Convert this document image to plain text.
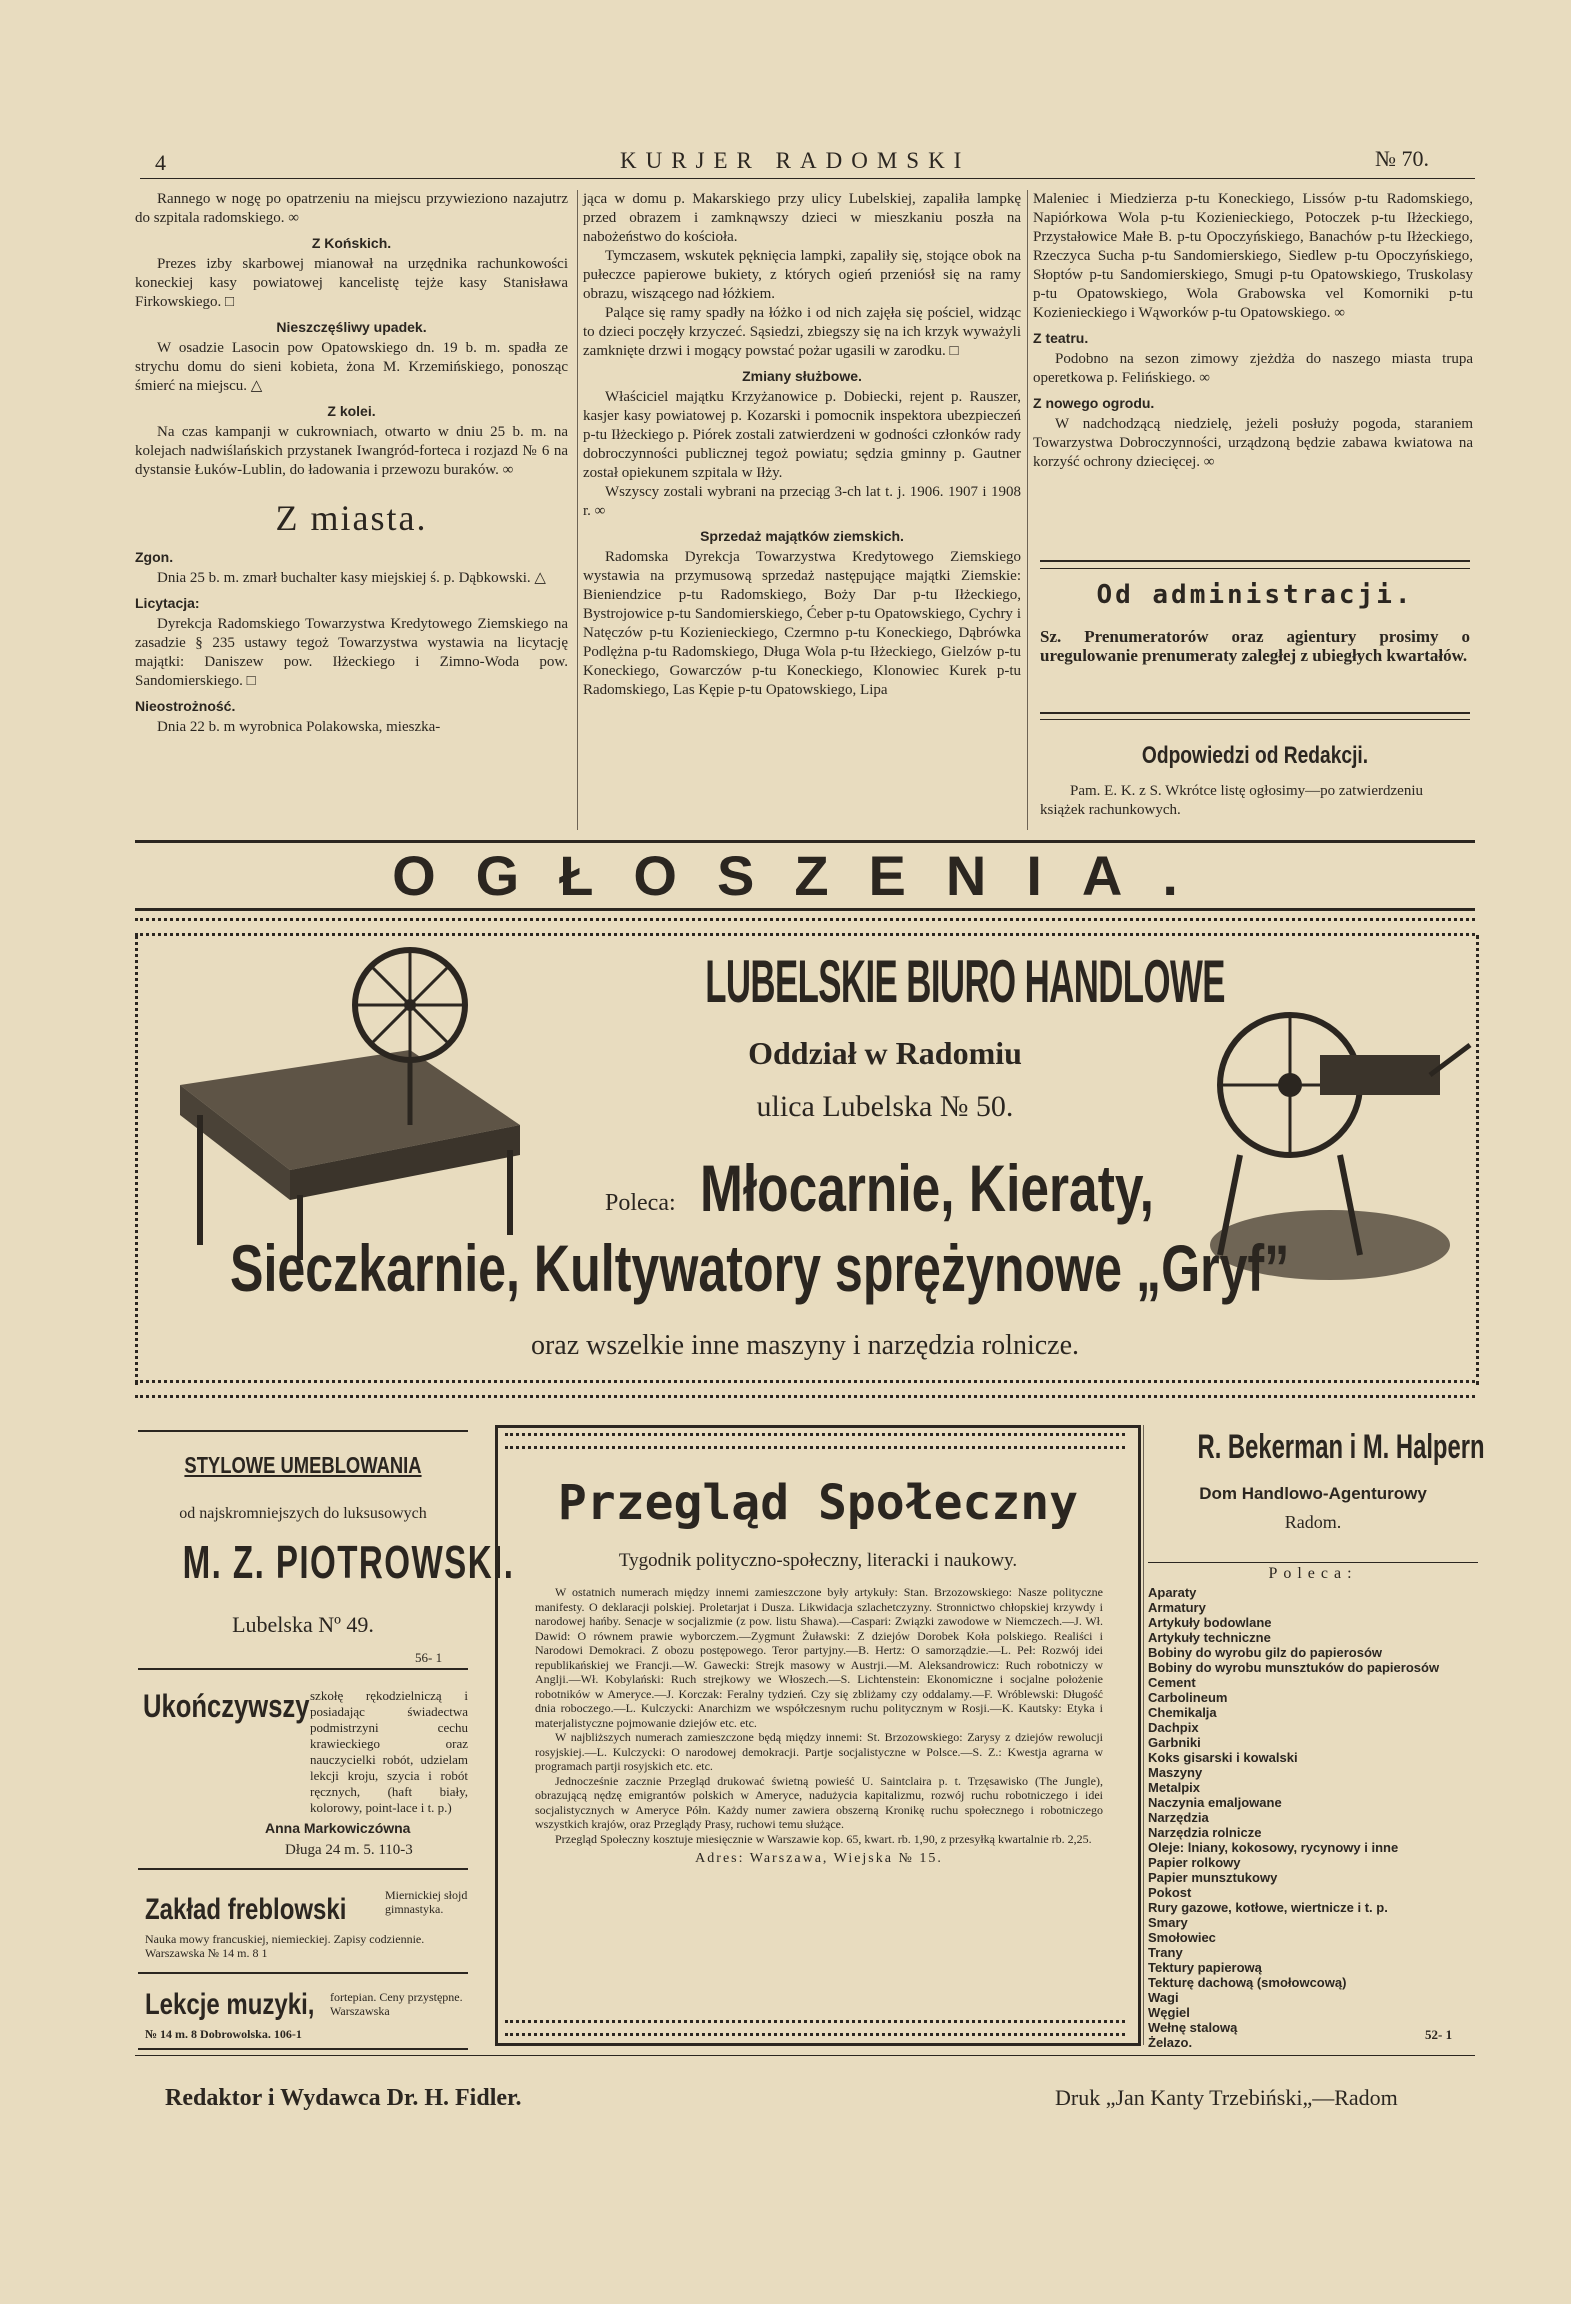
4	KURJER RADOMSKI	№ 70.

Rannego w nogę po opatrzeniu na miejscu przywieziono nazajutrz do szpitala radomskiego. ∞

Z Końskich.

Prezes izby skarbowej mianował na urzędnika rachunkowości koneckiej kasy powiatowej kancelistę tejże kasy Stanisława Firkowskiego. □

Nieszczęśliwy upadek.

W osadzie Lasocin pow Opatowskiego dn. 19 b. m. spadła ze strychu domu do sieni kobieta, żona M. Krzemińskiego, ponosząc śmierć na miejscu. △

Z kolei.

Na czas kampanji w cukrowniach, otwarto w dniu 25 b. m. na kolejach nadwiślańskich przystanek Iwangród-forteca i rozjazd № 6 na dystansie Łuków-Lublin, do ładowania i przewozu buraków. ∞

Z miasta.
Zgon.

Dnia 25 b. m. zmarł buchalter kasy miejskiej ś. p. Dąbkowski. △

Licytacja:

Dyrekcja Radomskiego Towarzystwa Kredytowego Ziemskiego na zasadzie § 235 ustawy tegoż Towarzystwa wystawia na licytację majątki: Daniszew pow. Iłżeckiego i Zimno-Woda pow. Sandomierskiego. □

Nieostrożność.

Dnia 22 b. m wyrobnica Polakowska, mieszka-

jąca w domu p. Makarskiego przy ulicy Lubelskiej, zapaliła lampkę przed obrazem i zamknąwszy dzieci w mieszkaniu poszła na nabożeństwo do kościoła.

Tymczasem, wskutek pęknięcia lampki, zapaliły się, stojące obok na pułeczce papierowe bukiety, z których ogień przeniósł się na ramy obrazu, wiszącego nad łóżkiem.

Palące się ramy spadły na łóżko i od nich zajęła się pościel, widząc to dzieci poczęły krzyczeć. Sąsiedzi, zbiegszy się na ich krzyk wyważyli zamknięte drzwi i mogący powstać pożar ugasili w zarodku. □

Zmiany służbowe.

Właściciel majątku Krzyżanowice p. Dobiecki, rejent p. Rauszer, kasjer kasy powiatowej p. Kozarski i pomocnik inspektora ubezpieczeń p-tu Iłżeckiego p. Piórek zostali zatwierdzeni w godności członków rady dobroczynności publicznej tegoż powiatu; sędzia gminny p. Gautner został opiekunem szpitala w Iłży.

Wszyscy zostali wybrani na przeciąg 3-ch lat t. j. 1906. 1907 i 1908 r. ∞

Sprzedaż majątków ziemskich.

Radomska Dyrekcja Towarzystwa Kredytowego Ziemskiego wystawia na przymusową sprzedaż następujące majątki Ziemskie: Bieniendzice p-tu Radomskiego, Boży Dar p-tu Iłżeckiego, Bystrojowice p-tu Sandomierskiego, Ćeber p-tu Opatowskiego, Cychry i Natęczów p-tu Kozienieckiego, Czermno p-tu Koneckiego, Dąbrówka Podlężna p-tu Radomskiego, Długa Wola p-tu Iłżeckiego, Gielzów p-tu Koneckiego, Gowarczów p-tu Koneckiego, Klonowiec Kurek p-tu Radomskiego, Las Kępie p-tu Opatowskiego, Lipa

Maleniec i Miedzierza p-tu Koneckiego, Lissów p-tu Radomskiego, Napiórkowa Wola p-tu Kozienieckiego, Potoczek p-tu Iłżeckiego, Przystałowice Małe B. p-tu Opoczyńskiego, Banachów p-tu Iłżeckiego, Rzeczyca Sucha p-tu Sandomierskiego, Siedlew p-tu Opoczyńskiego, Słoptów p-tu Sandomierskiego, Smugi p-tu Opatowskiego, Truskolasy p-tu Opatowskiego, Wola Grabowska vel Komorniki p-tu Kozienieckiego i Wąworków p-tu Opatowskiego. ∞

Z teatru.

Podobno na sezon zimowy zjeżdża do naszego miasta trupa operetkowa p. Felińskiego. ∞

Z nowego ogrodu.

W nadchodzącą niedzielę, jeżeli posłuży pogoda, staraniem Towarzystwa Dobroczynności, urządzoną będzie zabawa kwiatowa na korzyść ochrony dziecięcej. ∞

Od administracji.
Sz. Prenumeratorów oraz agientury prosimy o uregulowanie prenumeraty zaległej z ubiegłych kwartałów.
Odpowiedzi od Redakcji.
Pam. E. K. z S. Wkrótce listę ogłosimy—po zatwierdzeniu książek rachunkowych.
OGŁOSZENIA.
LUBELSKIE BIURO HANDLOWE
Oddział w Radomiu
ulica Lubelska № 50.
Poleca: Młocarnie, Kieraty,
Sieczkarnie, Kultywatory sprężynowe „Gryf”
oraz wszelkie inne maszyny i narzędzia rolnicze.
STYLOWE UMEBLOWANIA
od najskromniejszych do luksusowych
M. Z. PIOTROWSKI.
Lubelska Nº 49.
56- 1
Ukończywszy szkołę rękodzielniczą i posiadając świadectwa podmistrzyni cechu krawieckiego oraz nauczycielki robót, udzielam lekcji kroju, szycia i robót ręcznych, (haft biały, kolorowy, point-lace i t. p.)
Anna Markowiczówna
Długa 24 m. 5. 110-3
Zakład freblowski	Miernickiej słojd gimnastyka.
Nauka mowy francuskiej, niemieckiej. Zapisy codziennie. Warszawska № 14 m. 8 1
Lekcje muzyki, fortepian. Ceny przystępne. Warszawska
№ 14 m. 8 Dobrowolska. 106-1
Przegląd Społeczny
Tygodnik polityczno-społeczny, literacki i naukowy.

W ostatnich numerach między innemi zamieszczone były artykuły: Stan. Brzozowskiego: Nasze polityczne manifesty. O deklaracji polskiej. Proletarjat i Dusza. Likwidacja szlachetczyzny. Stronnictwo chłopskiej krzywdy i narodowej hańby. Senacje w socjalizmie (z pow. listu Shawa).—Caspari: Związki zawodowe w Niemczech.—J. Wł. Dawid: O równem prawie wyborczem.—Zygmunt Żuławski: Z dziejów Dorobek Koła polskiego. Realiści i Narodowi Demokraci. Z obozu postępowego. Teror partyjny.—B. Hertz: O samorządzie.—L. Peł: Rozwój idei republikańskiej we Francji.—W. Gawecki: Strejk masowy w Austrji.—M. Aleksandrowicz: Ruch robotniczy w Anglji.—Wł. Kobylański: Ruch strejkowy we Włoszech.—S. Lichtenstein: Ekonomiczne i socjalne położenie robotników w Ameryce.—J. Korczak: Feralny tydzień. Czy się zbliżamy czy oddalamy.—F. Wróblewski: Długość dnia roboczego.—L. Kulczycki: Anarchizm we współczesnym ruchu politycznym w Rosji.—K. Kautsky: Etyka i materjalistyczne pojmowanie dziejów etc. etc.

W najbliższych numerach zamieszczone będą między innemi: St. Brzozowskiego: Zarysy z dziejów rewolucji rosyjskiej.—L. Kulczycki: O narodowej demokracji. Partje socjalistyczne w Polsce.—S. Z.: Kwestja agrarna w programach partji rosyjskich etc. etc.

Jednocześnie zacznie Przegląd drukować świetną powieść U. Saintclaira p. t. Trzęsawisko (The Jungle), obrazującą nędzę emigrantów polskich w Ameryce, nadużycia kapitalizmu, rozwój ruchu robotniczego i idei socjalistycznych w Ameryce Półn. Każdy numer zawiera obszerną Kronikę ruchu społecznego i robotniczego wszystkich krajów, oraz Przeglądy Prasy, ruchowi temu służące.

Przegląd Społeczny kosztuje miesięcznie w Warszawie kop. 65, kwart. rb. 1,90, z przesyłką kwartalnie rb. 2,25.

Adres: Warszawa, Wiejska № 15.

R. Bekerman i M. Halpern
Dom Handlowo-Agenturowy
Radom.
Poleca:
Aparaty
Armatury
Artykuły bodowlane
Artykuły techniczne
Bobiny do wyrobu gilz do papierosów
Bobiny do wyrobu munsztuków do papierosów
Cement
Carbolineum
Chemikalja
Dachpix
Garbniki
Koks gisarski i kowalski
Maszyny
Metalpix
Naczynia emaljowane
Narzędzia
Narzędzia rolnicze
Oleje: lniany, kokosowy, rycynowy i inne
Papier rolkowy
Papier munsztukowy
Pokost
Rury gazowe, kotłowe, wiertnicze i t. p.
Smary
Smołowiec
Trany
Tektury papierową
Tekturę dachową (smołowcową)
Wagi
Węgiel
Wełnę stalową
Żelazo.
52- 1
Redaktor i Wydawca Dr. H. Fidler.	Druk „Jan Kanty Trzebiński„—Radom
